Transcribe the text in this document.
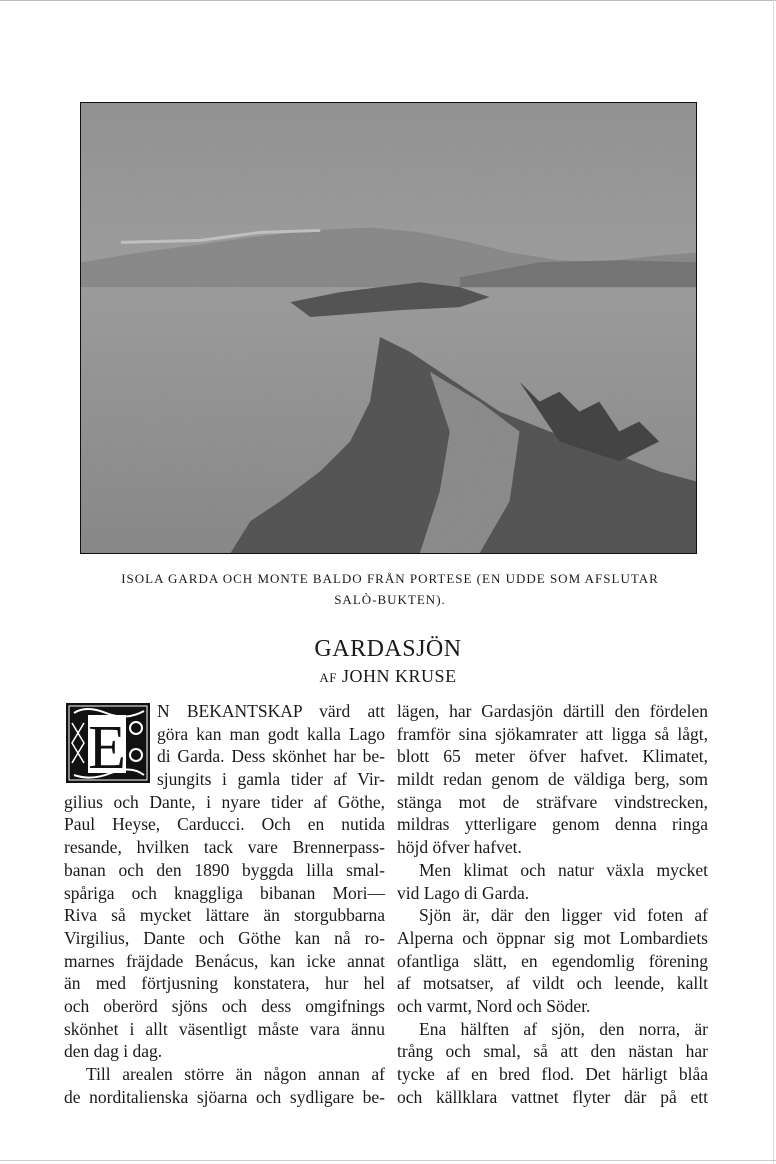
ISOLA GARDA OCH MONTE BALDO FRÅN PORTESE (EN UDDE SOM AFSLUTAR
SALÒ-BUKTEN).
GARDASJÖN
AF JOHN KRUSE
E
N BEKANTSKAP värd att
göra kan man godt kalla Lago
di Garda. Dess skönhet har be-
sjungits i gamla tider af Vir-
gilius och Dante, i nyare tider af Göthe,
Paul Heyse, Carducci. Och en nutida
resande, hvilken tack vare Brennerpass-
banan och den 1890 byggda lilla smal-
spåriga och knaggliga bibanan Mori—
Riva så mycket lättare än storgubbarna
Virgilius, Dante och Göthe kan nå ro-
marnes fräjdade Benácus, kan icke annat
än med förtjusning konstatera, hur hel
och oberörd sjöns och dess omgifnings
skönhet i allt väsentligt måste vara ännu
den dag i dag.
Till arealen större än någon annan af
de norditalienska sjöarna och sydligare be-
lägen, har Gardasjön därtill den fördelen
framför sina sjökamrater att ligga så lågt,
blott 65 meter öfver hafvet. Klimatet,
mildt redan genom de väldiga berg, som
stänga mot de sträfvare vindstrecken,
mildras ytterligare genom denna ringa
höjd öfver hafvet.
Men klimat och natur växla mycket
vid Lago di Garda.
Sjön är, där den ligger vid foten af
Alperna och öppnar sig mot Lombardiets
ofantliga slätt, en egendomlig förening
af motsatser, af vildt och leende, kallt
och varmt, Nord och Söder.
Ena hälften af sjön, den norra, är
trång och smal, så att den nästan har
tycke af en bred flod. Det härligt blåa
och källklara vattnet flyter där på ett
